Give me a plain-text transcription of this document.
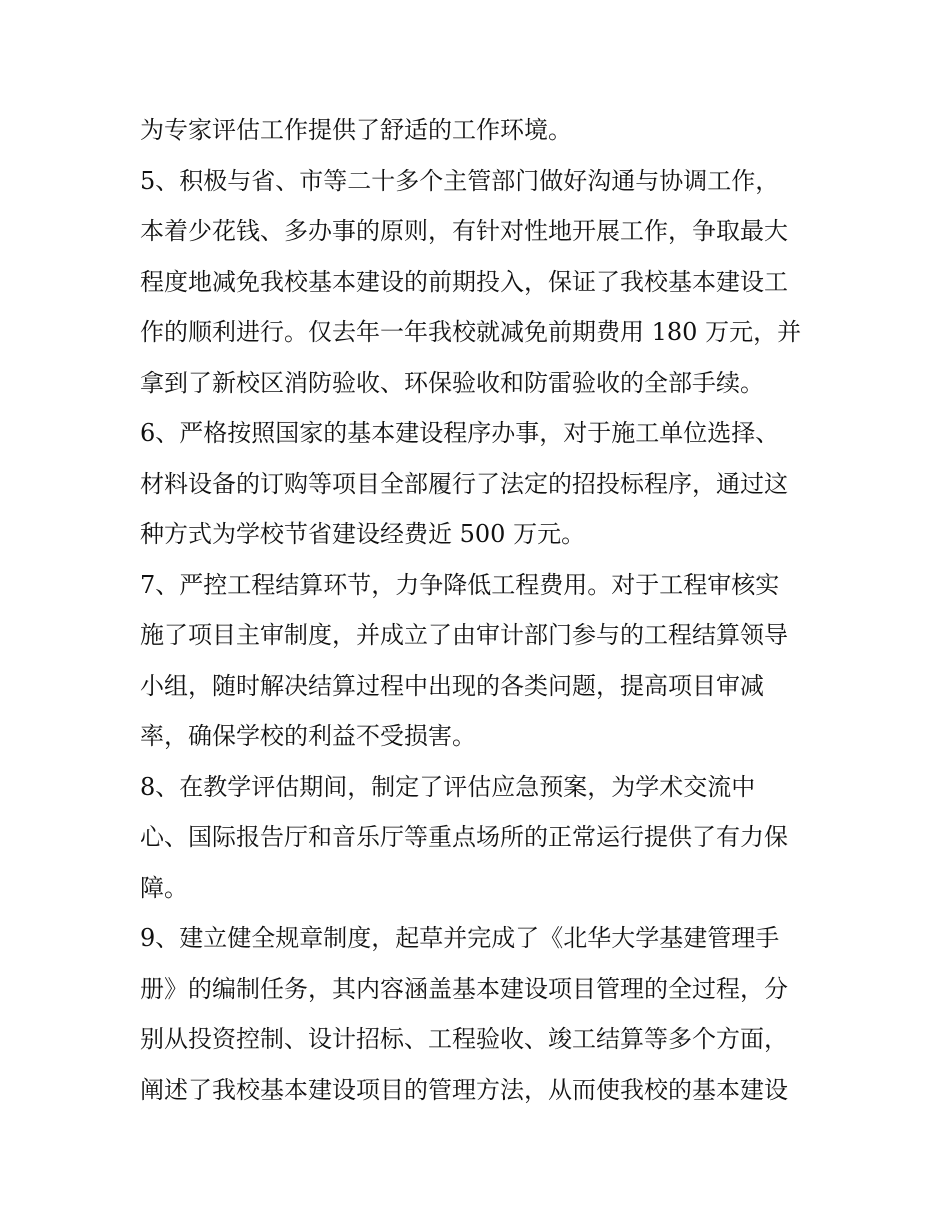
为专家评估工作提供了舒适的工作环境。

5、积极与省、市等二十多个主管部门做好沟通与协调工作，

本着少花钱、多办事的原则，有针对性地开展工作，争取最大

程度地减免我校基本建设的前期投入，保证了我校基本建设工

作的顺利进行。仅去年一年我校就减免前期费用 180 万元，并

拿到了新校区消防验收、环保验收和防雷验收的全部手续。

6、严格按照国家的基本建设程序办事，对于施工单位选择、

材料设备的订购等项目全部履行了法定的招投标程序，通过这

种方式为学校节省建设经费近 500 万元。

7、严控工程结算环节，力争降低工程费用。对于工程审核实

施了项目主审制度，并成立了由审计部门参与的工程结算领导

小组，随时解决结算过程中出现的各类问题，提高项目审减

率，确保学校的利益不受损害。

8、在教学评估期间，制定了评估应急预案，为学术交流中

心、国际报告厅和音乐厅等重点场所的正常运行提供了有力保

障。

9、建立健全规章制度，起草并完成了《北华大学基建管理手

册》的编制任务，其内容涵盖基本建设项目管理的全过程，分

别从投资控制、设计招标、工程验收、竣工结算等多个方面，

阐述了我校基本建设项目的管理方法，从而使我校的基本建设
